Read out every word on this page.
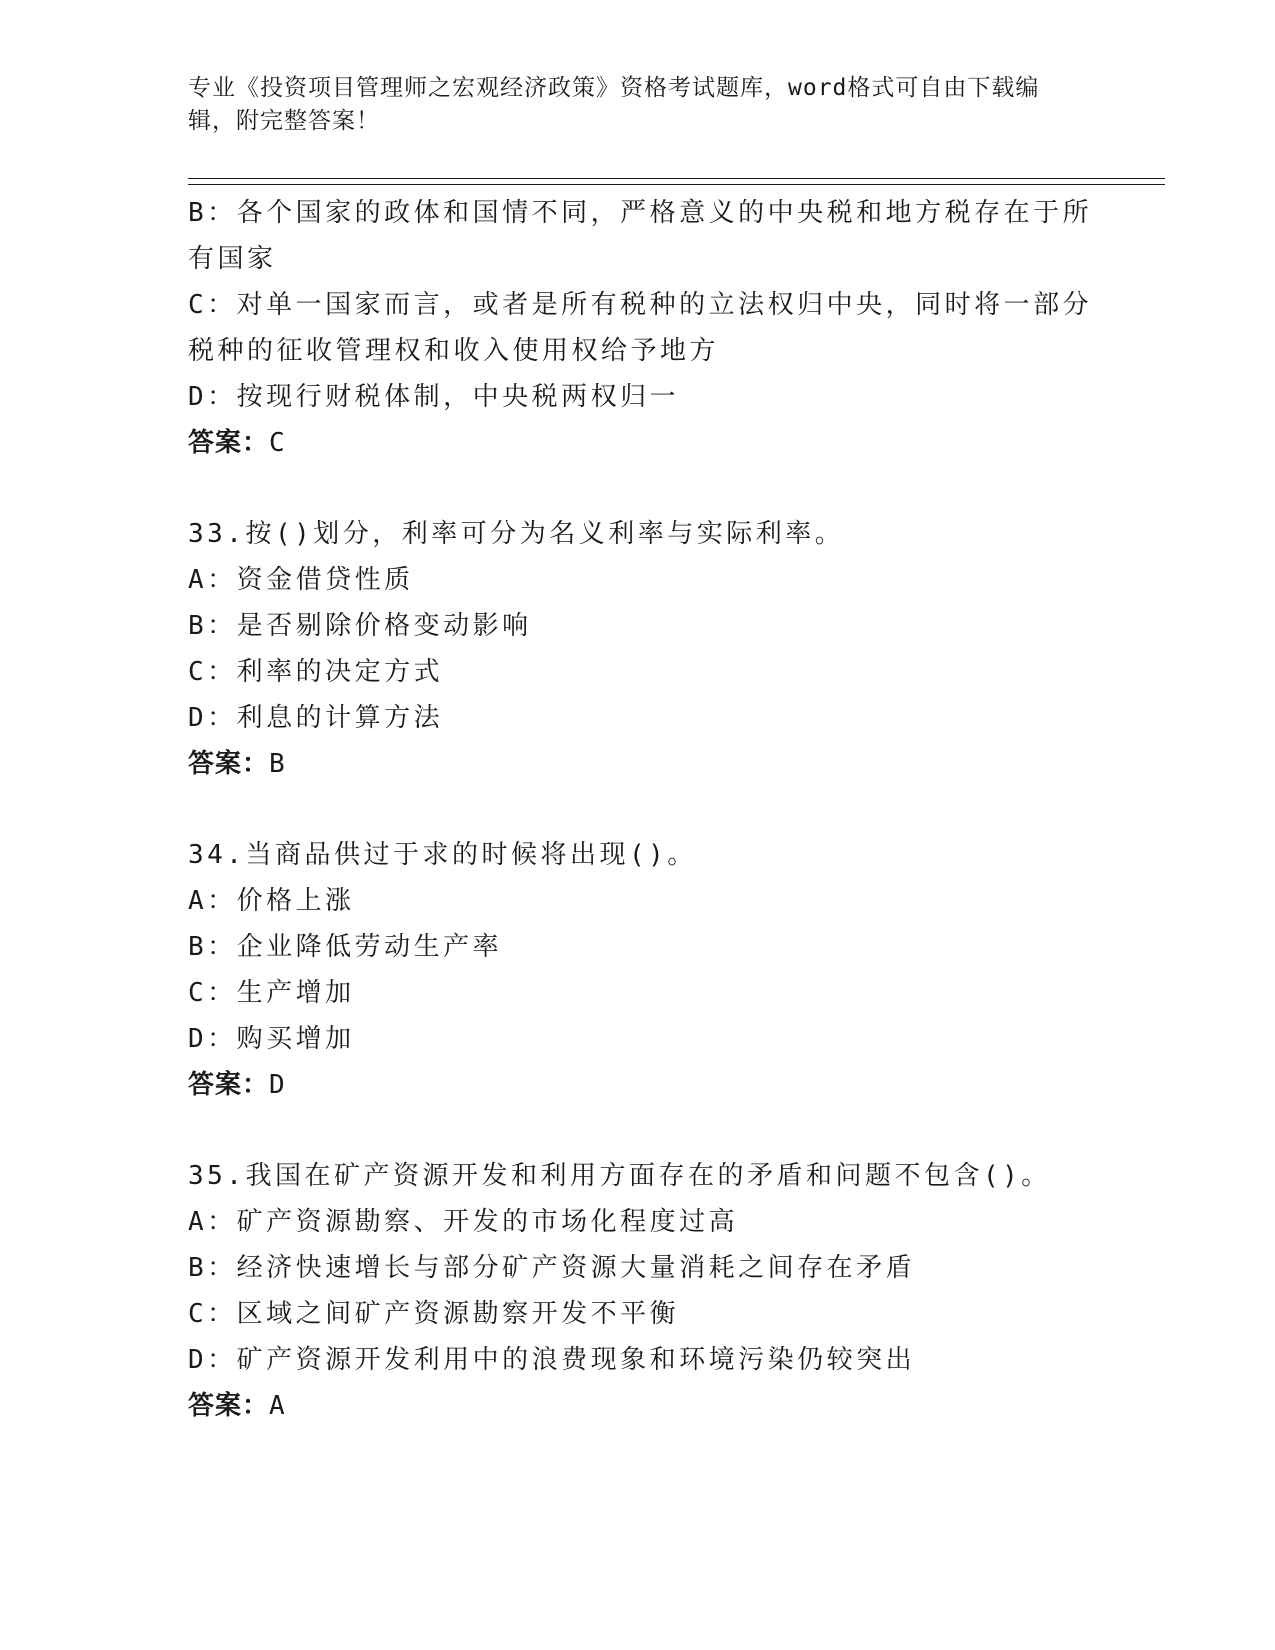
专业《投资项目管理师之宏观经济政策》资格考试题库，word格式可自由下载编辑，附完整答案！
B：各个国家的政体和国情不同，严格意义的中央税和地方税存在于所
有国家
C：对单一国家而言，或者是所有税种的立法权归中央，同时将一部分
税种的征收管理权和收入使用权给予地方
D：按现行财税体制，中央税两权归一
答案：C
33.按()划分，利率可分为名义利率与实际利率。
A：资金借贷性质
B：是否剔除价格变动影响
C：利率的决定方式
D：利息的计算方法
答案：B
34.当商品供过于求的时候将出现()。
A：价格上涨
B：企业降低劳动生产率
C：生产增加
D：购买增加
答案：D
35.我国在矿产资源开发和利用方面存在的矛盾和问题不包含()。
A：矿产资源勘察、开发的市场化程度过高
B：经济快速增长与部分矿产资源大量消耗之间存在矛盾
C：区域之间矿产资源勘察开发不平衡
D：矿产资源开发利用中的浪费现象和环境污染仍较突出
答案：A
